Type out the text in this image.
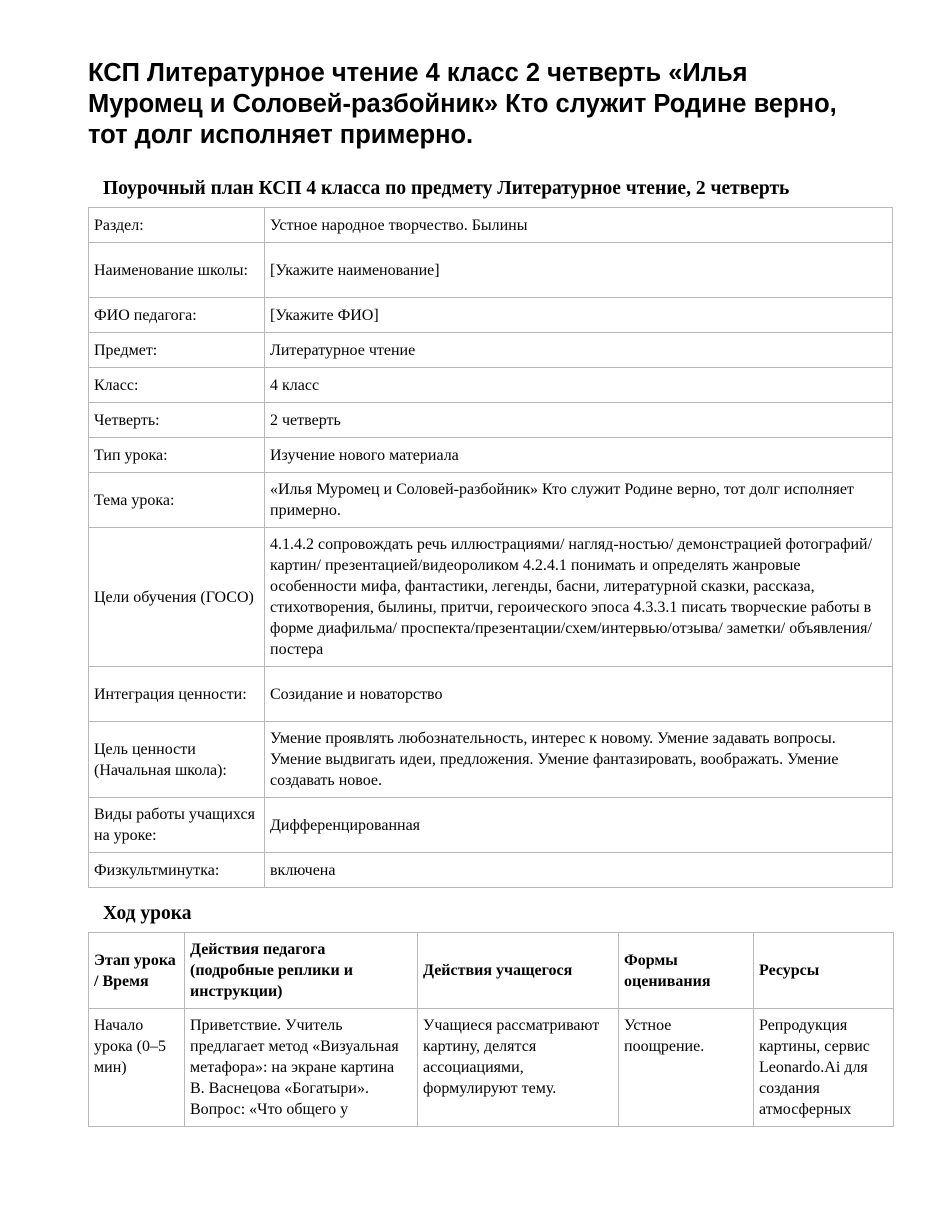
КСП Литературное чтение 4 класс 2 четверть «Илья Муромец и Соловей-разбойник» Кто служит Родине верно, тот долг исполняет примерно.
Поурочный план КСП 4 класса по предмету Литературное чтение, 2 четверть
Раздел:	Устное народное творчество. Былины
Наименование школы:	[Укажите наименование]
ФИО педагога:	[Укажите ФИО]
Предмет:	Литературное чтение
Класс:	4 класс
Четверть:	2 четверть
Тип урока:	Изучение нового материала
Тема урока:	«Илья Муромец и Соловей-разбойник» Кто служит Родине верно, тот долг исполняет примерно.
Цели обучения (ГОСО)	4.1.4.2 сопровождать речь иллюстрациями/ нагляд-ностью/ демонстрацией фотографий/картин/ презентацией/видеороликом 4.2.4.1 понимать и определять жанровые особенности мифа, фантастики, легенды, басни, литературной сказки, рассказа, стихотворения, былины, притчи, героического эпоса 4.3.3.1 писать творческие работы в форме диафильма/ проспекта/презентации/схем/интервью/отзыва/ заметки/ объявления/постера
Интеграция ценности:	Созидание и новаторство
Цель ценности (Начальная школа):	Умение проявлять любознательность, интерес к новому. Умение задавать вопросы. Умение выдвигать идеи, предложения. Умение фантазировать, воображать. Умение создавать новое.
Виды работы учащихся на уроке:	Дифференцированная
Физкультминутка:	включена
Ход урока
Этап урока / Время	Действия педагога (подробные реплики и инструкции)	Действия учащегося	Формы оценивания	Ресурсы
Начало урока (0–5 мин)	Приветствие. Учитель предлагает метод «Визуальная метафора»: на экране картина В. Васнецова «Богатыри». Вопрос: «Что общего у	Учащиеся рассматривают картину, делятся ассоциациями, формулируют тему.	Устное поощрение.	Репродукция картины, сервис Leonardo.Ai для создания атмосферных
